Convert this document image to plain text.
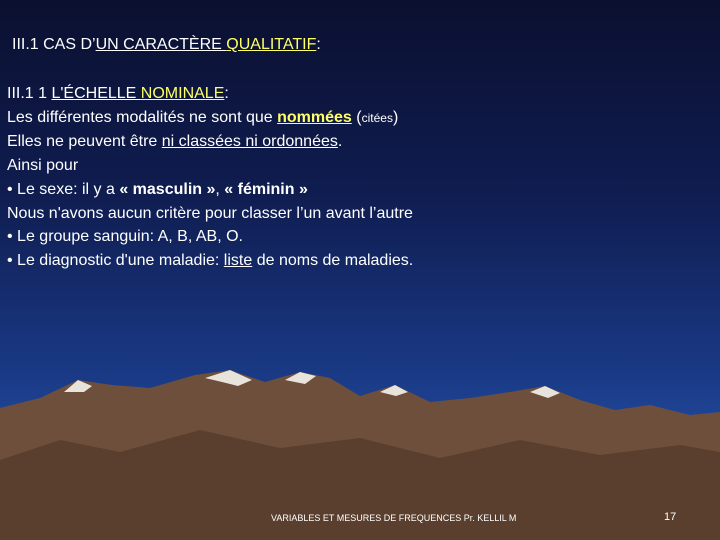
III.1 CAS D’UN CARACTÈRE QUALITATIF:
III.1 1 L'ÉCHELLE NOMINALE:
Les différentes modalités ne sont que nommées (citées)
Elles ne peuvent être ni classées ni ordonnées.
Ainsi pour
• Le sexe: il y a « masculin », « féminin »
Nous n'avons aucun critère pour classer l’un avant l’autre
• Le groupe sanguin: A, B, AB, O.
• Le diagnostic d'une maladie: liste de noms de maladies.
VARIABLES ET MESURES DE FREQUENCES Pr. KELLIL M	17
